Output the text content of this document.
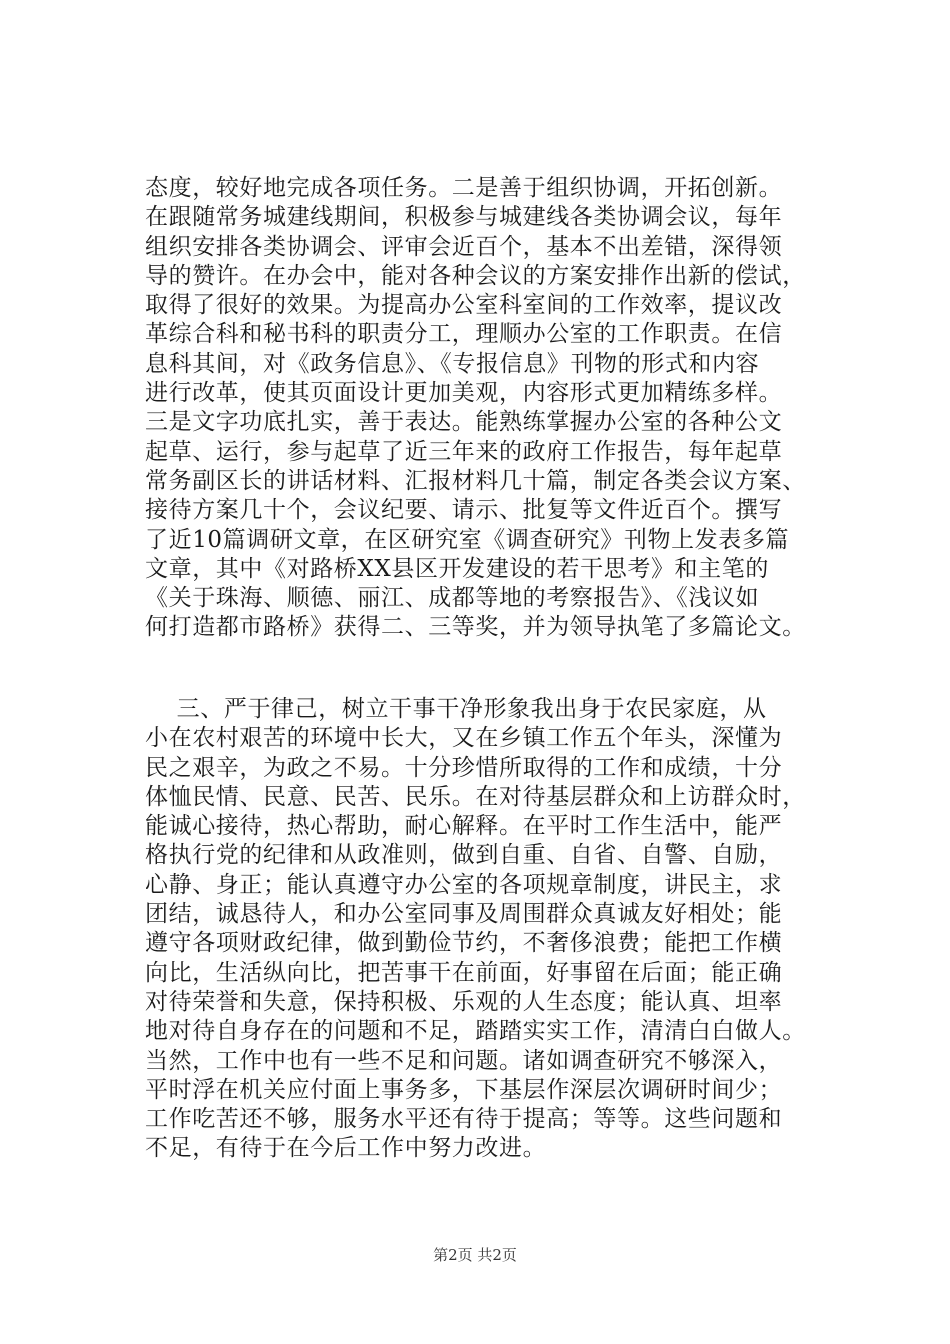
态度，较好地完成各项任务。二是善于组织协调，开拓创新。
在跟随常务城建线期间，积极参与城建线各类协调会议，每年
组织安排各类协调会、评审会近百个，基本不出差错，深得领
导的赞许。在办会中，能对各种会议的方案安排作出新的偿试，
取得了很好的效果。为提高办公室科室间的工作效率，提议改
革综合科和秘书科的职责分工，理顺办公室的工作职责。在信
息科其间，对《政务信息》、《专报信息》刊物的形式和内容
进行改革，使其页面设计更加美观，内容形式更加精练多样。
三是文字功底扎实，善于表达。能熟练掌握办公室的各种公文
起草、运行，参与起草了近三年来的政府工作报告，每年起草
常务副区长的讲话材料、汇报材料几十篇，制定各类会议方案、
接待方案几十个，会议纪要、请示、批复等文件近百个。撰写
了近10篇调研文章，在区研究室《调查研究》刊物上发表多篇
文章，其中《对路桥XX县区开发建设的若干思考》和主笔的
《关于珠海、顺德、丽江、成都等地的考察报告》、《浅议如
何打造都市路桥》获得二、三等奖，并为领导执笔了多篇论文。
三、严于律己，树立干事干净形象我出身于农民家庭，从
小在农村艰苦的环境中长大，又在乡镇工作五个年头，深懂为
民之艰辛，为政之不易。十分珍惜所取得的工作和成绩，十分
体恤民情、民意、民苦、民乐。在对待基层群众和上访群众时，
能诚心接待，热心帮助，耐心解释。在平时工作生活中，能严
格执行党的纪律和从政准则，做到自重、自省、自警、自励，
心静、身正；能认真遵守办公室的各项规章制度，讲民主，求
团结，诚恳待人，和办公室同事及周围群众真诚友好相处；能
遵守各项财政纪律，做到勤俭节约，不奢侈浪费；能把工作横
向比，生活纵向比，把苦事干在前面，好事留在后面；能正确
对待荣誉和失意，保持积极、乐观的人生态度；能认真、坦率
地对待自身存在的问题和不足，踏踏实实工作，清清白白做人。
当然，工作中也有一些不足和问题。诸如调查研究不够深入，
平时浮在机关应付面上事务多，下基层作深层次调研时间少；
工作吃苦还不够，服务水平还有待于提高；等等。这些问题和
不足，有待于在今后工作中努力改进。
第2页 共2页
